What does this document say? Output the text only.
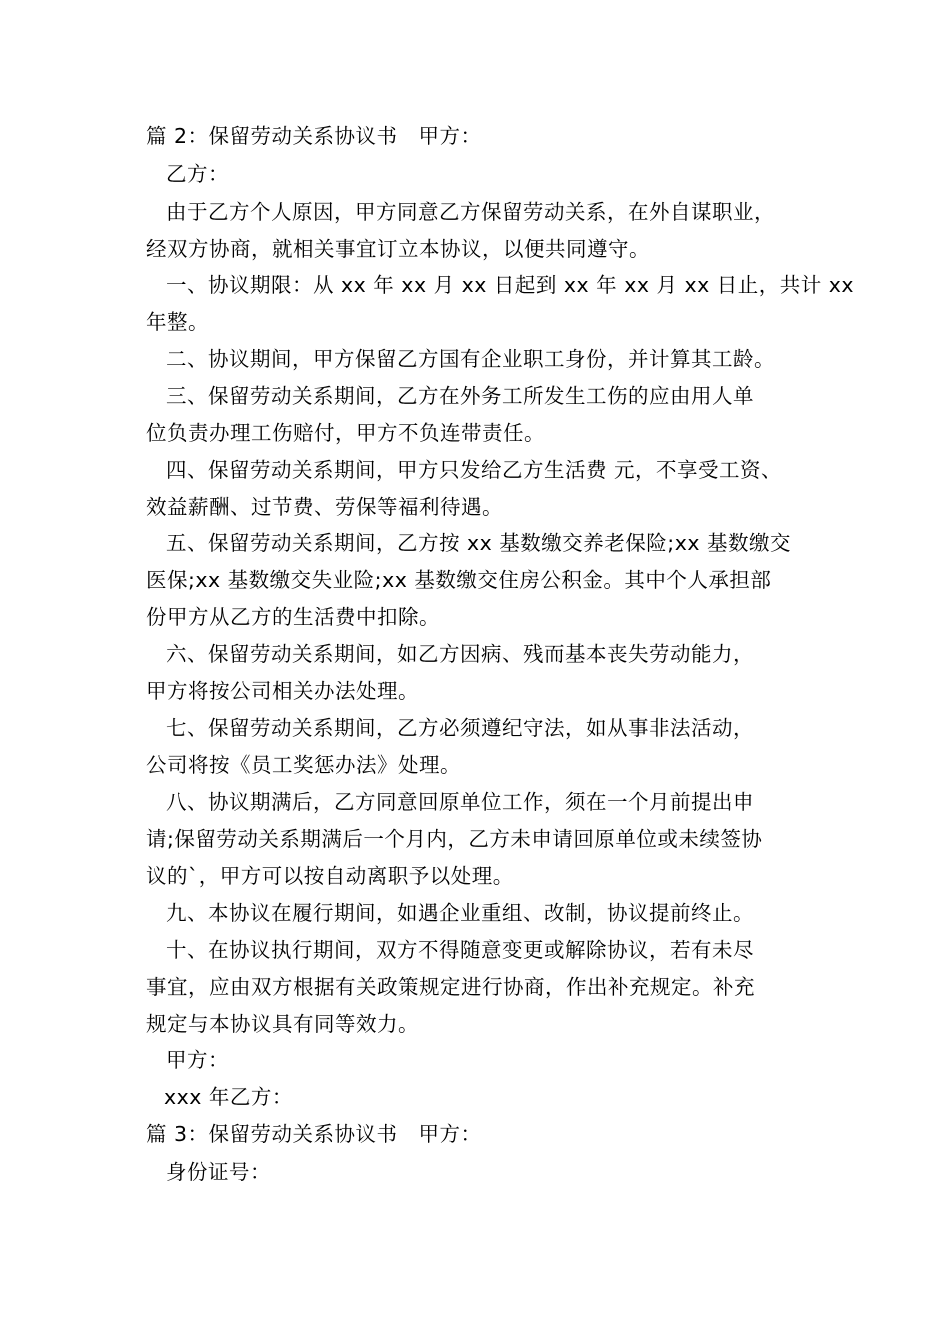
篇 2：保留劳动关系协议书　甲方：
乙方：
由于乙方个人原因，甲方同意乙方保留劳动关系，在外自谋职业，
经双方协商，就相关事宜订立本协议，以便共同遵守。
一、协议期限：从 xx 年 xx 月 xx 日起到 xx 年 xx 月 xx 日止，共计 xx
年整。
二、协议期间，甲方保留乙方国有企业职工身份，并计算其工龄。
三、保留劳动关系期间，乙方在外务工所发生工伤的应由用人单
位负责办理工伤赔付，甲方不负连带责任。
四、保留劳动关系期间，甲方只发给乙方生活费 元，不享受工资、
效益薪酬、过节费、劳保等福利待遇。
五、保留劳动关系期间，乙方按 xx 基数缴交养老保险;xx 基数缴交
医保;xx 基数缴交失业险;xx 基数缴交住房公积金。其中个人承担部
份甲方从乙方的生活费中扣除。
六、保留劳动关系期间，如乙方因病、残而基本丧失劳动能力，
甲方将按公司相关办法处理。
七、保留劳动关系期间，乙方必须遵纪守法，如从事非法活动，
公司将按《员工奖惩办法》处理。
八、协议期满后，乙方同意回原单位工作，须在一个月前提出申
请;保留劳动关系期满后一个月内，乙方未申请回原单位或未续签协
议的`，甲方可以按自动离职予以处理。
九、本协议在履行期间，如遇企业重组、改制，协议提前终止。
十、在协议执行期间，双方不得随意变更或解除协议，若有未尽
事宜，应由双方根据有关政策规定进行协商，作出补充规定。补充
规定与本协议具有同等效力。
甲方：
xxx 年乙方：
篇 3：保留劳动关系协议书　甲方：
身份证号：
